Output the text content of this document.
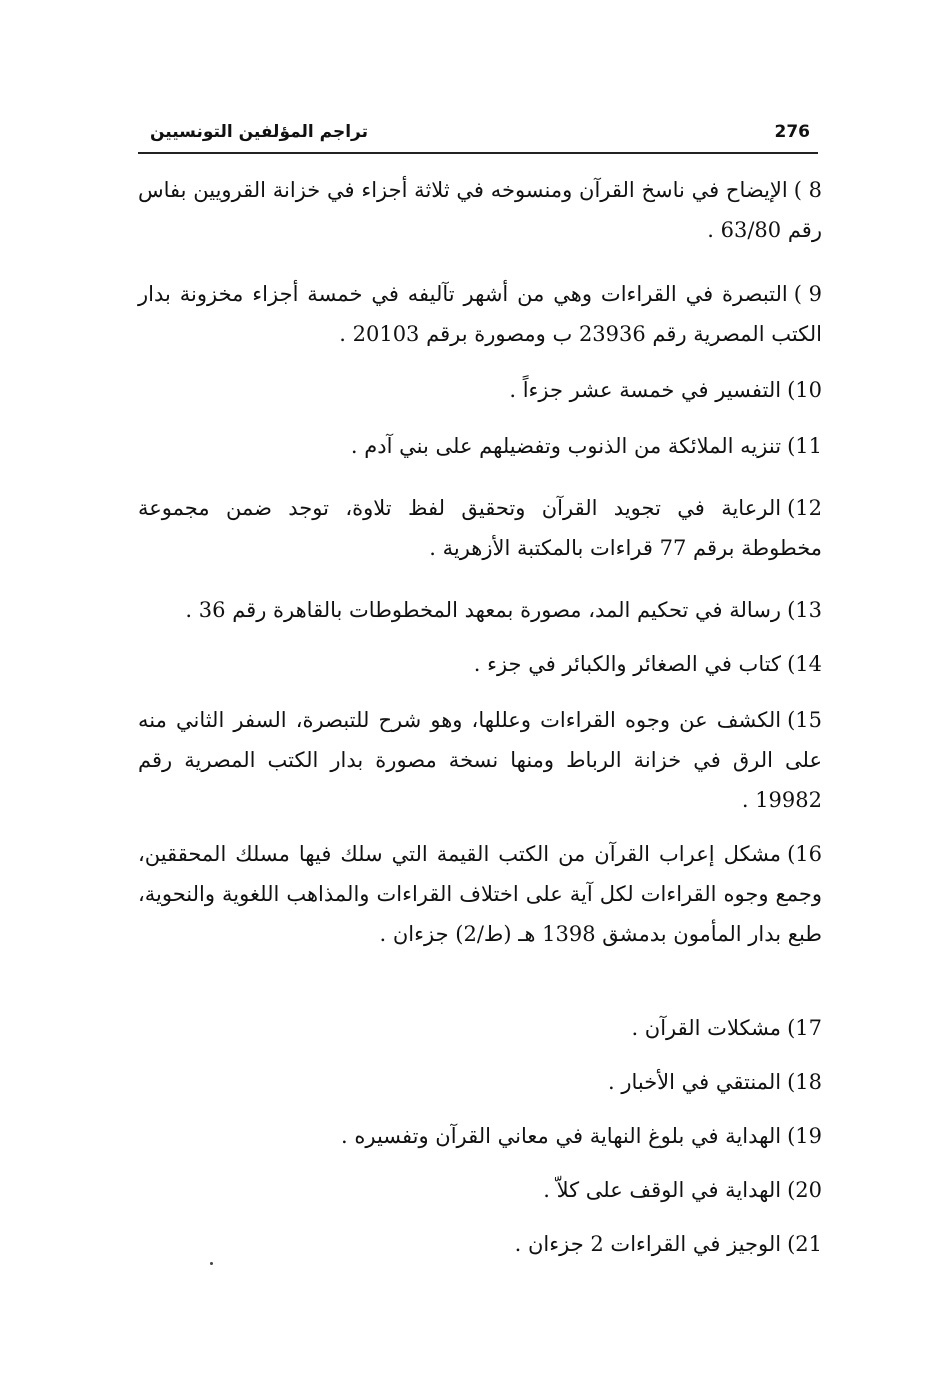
تراجم المؤلفين التونسيين	276
8 )الإيضاح في ناسخ القرآن ومنسوخه في ثلاثة أجزاء في خزانة القرويين بفاس رقم 63/80 .
9 )التبصرة في القراءات وهي من أشهر تآليفه في خمسة أجزاء مخزونة بدار الكتب المصرية رقم 23936 ب ومصورة برقم 20103 .
10)التفسير في خمسة عشر جزءاً .
11)تنزيه الملائكة من الذنوب وتفضيلهم على بني آدم .
12)الرعاية في تجويد القرآن وتحقيق لفظ تلاوة، توجد ضمن مجموعة مخطوطة برقم 77 قراءات بالمكتبة الأزهرية .
13)رسالة في تحكيم المد، مصورة بمعهد المخطوطات بالقاهرة رقم 36 .
14)كتاب في الصغائر والكبائر في جزء .
15)الكشف عن وجوه القراءات وعللها، وهو شرح للتبصرة، السفر الثاني منه على الرق في خزانة الرباط ومنها نسخة مصورة بدار الكتب المصرية رقم 19982 .
16)مشكل إعراب القرآن من الكتب القيمة التي سلك فيها مسلك المحققين، وجمع وجوه القراءات لكل آية على اختلاف القراءات والمذاهب اللغوية والنحوية، طبع بدار المأمون بدمشق 1398 هـ (ط/2) جزءان .
17)مشكلات القرآن .
18)المنتقي في الأخبار .
19)الهداية في بلوغ النهاية في معاني القرآن وتفسيره .
20)الهداية في الوقف على كلاّ .
21)الوجيز في القراءات 2 جزءان .
